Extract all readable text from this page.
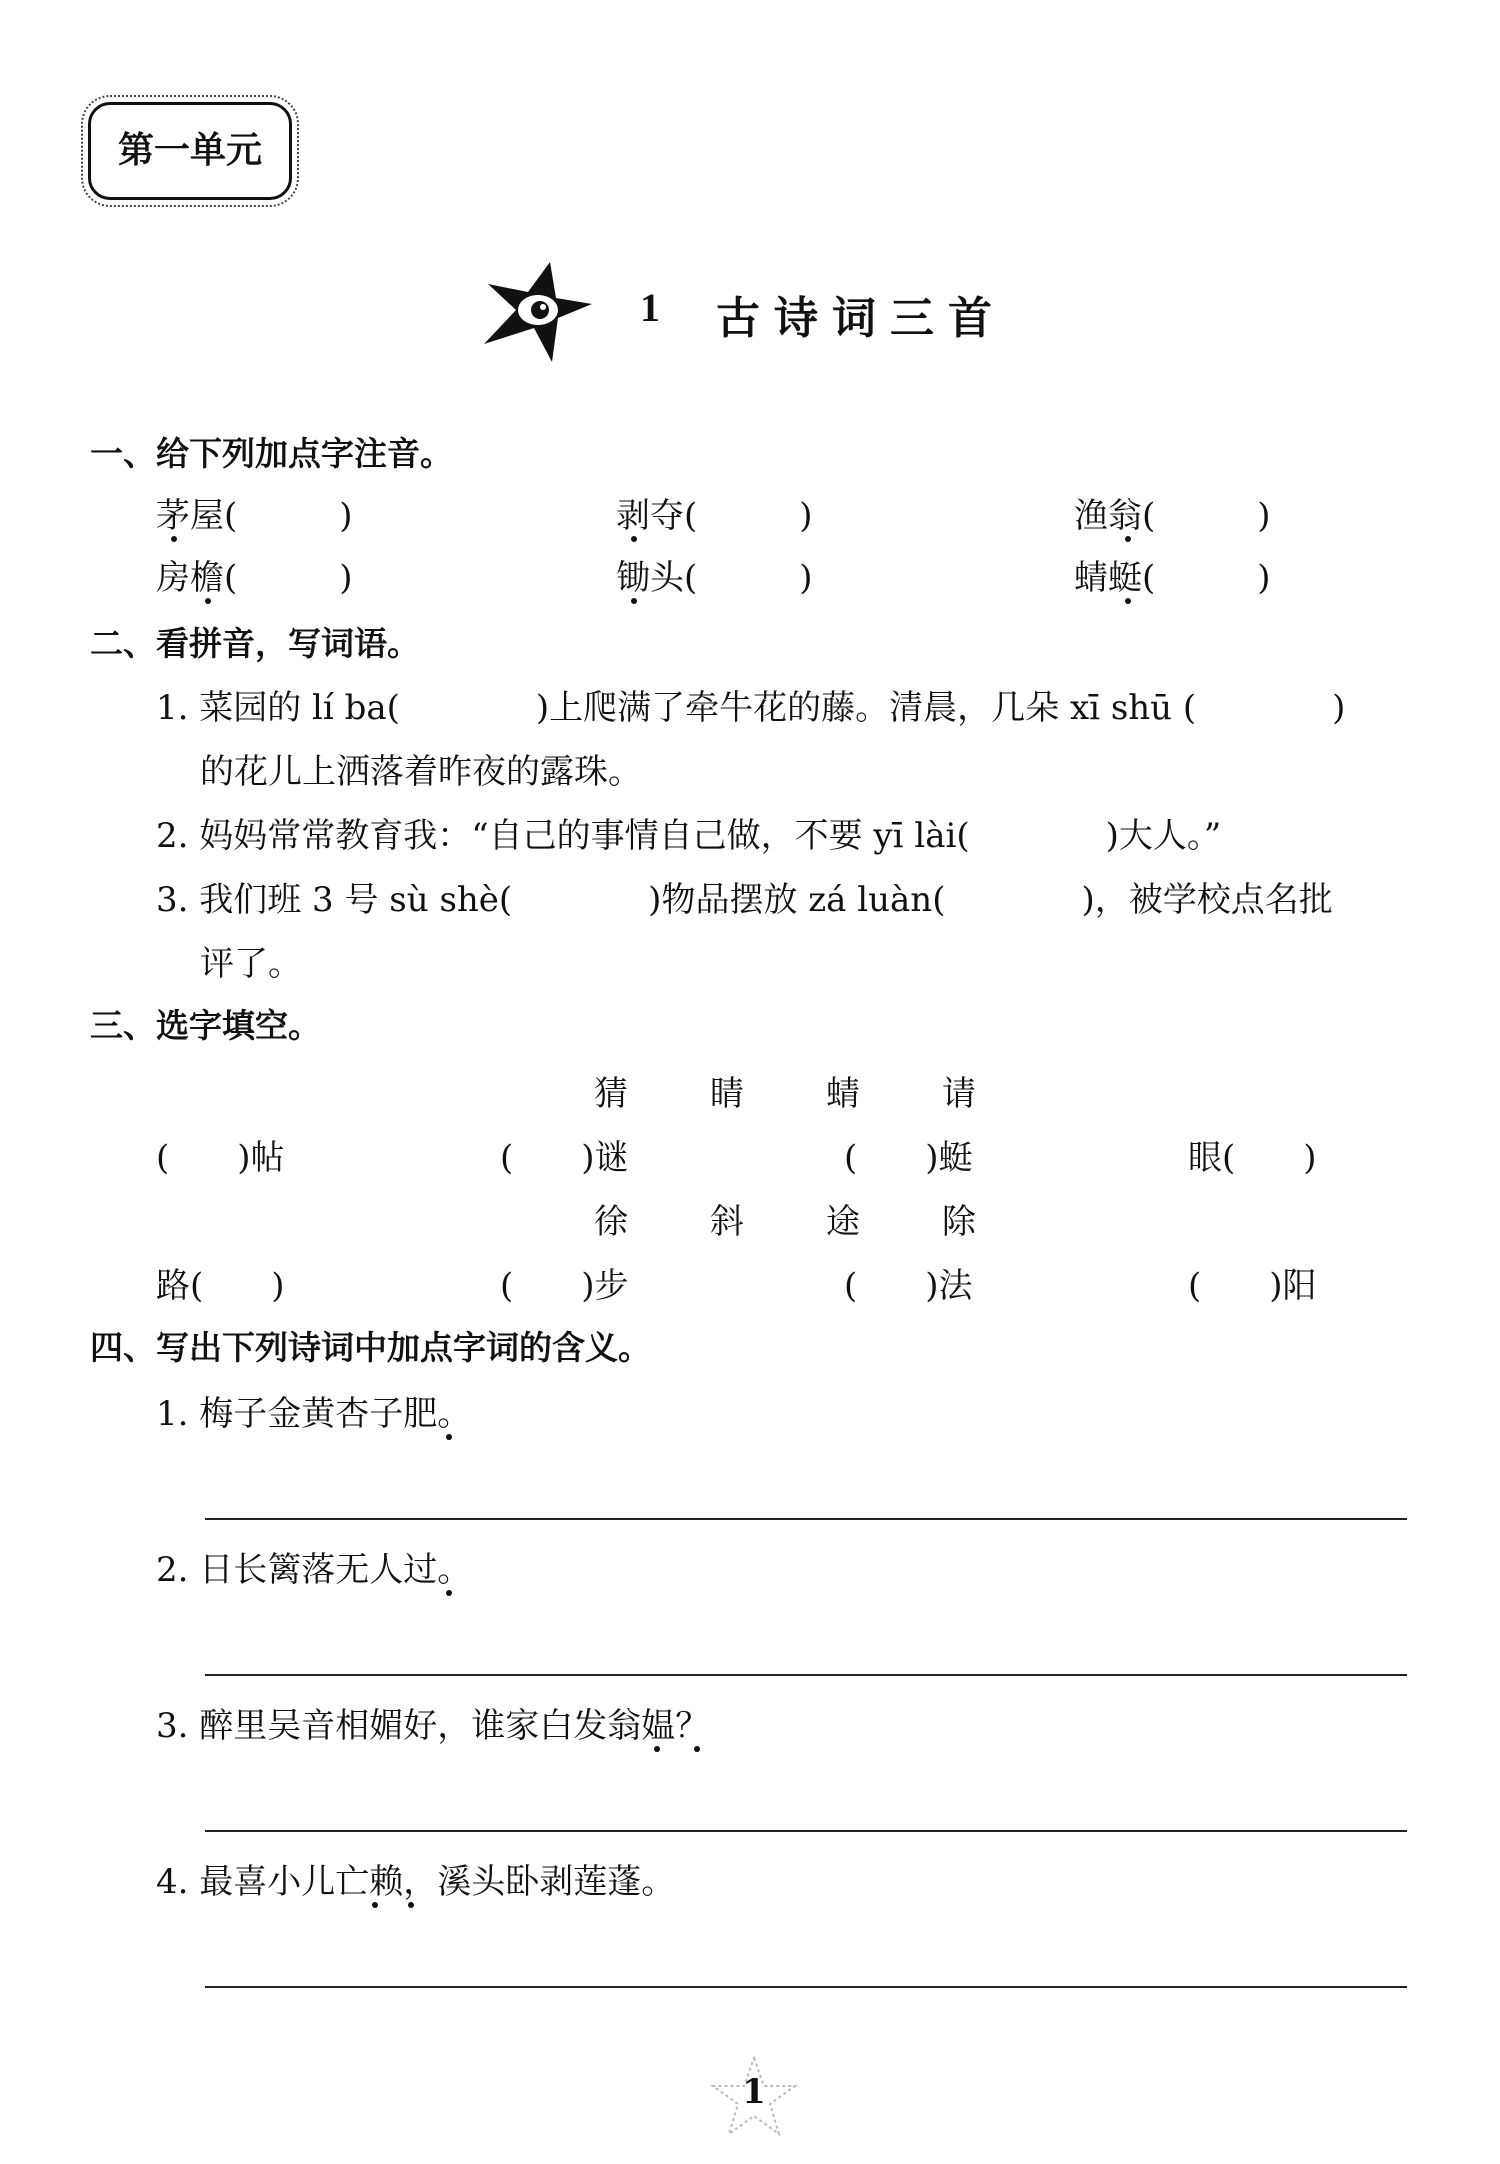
第一单元
1 古诗词三首
一、给下列加点字注音。
茅屋(　　　)	剥夺(　　　)	渔翁(　　　)
房檐(　　　)	锄头(　　　)	蜻蜓(　　　)
二、看拼音，写词语。
1. 菜园的 lí ba(　　　　)上爬满了牵牛花的藤。清晨，几朵 xī shū (　　　　)
的花儿上洒落着昨夜的露珠。
2. 妈妈常常教育我：“自己的事情自己做，不要 yī lài(　　　　)大人。”
3. 我们班 3 号 sù shè(　　　　)物品摆放 zá luàn(　　　　)，被学校点名批
评了。
三、选字填空。
猜 睛 蜻 请
(　　)帖	(　　)谜	(　　)蜓	眼(　　)
徐 斜 途 除
路(　　)	(　　)步	(　　)法	(　　)阳
四、写出下列诗词中加点字词的含义。
1. 梅子金黄杏子肥。
2. 日长篱落无人过。
3. 醉里吴音相媚好，谁家白发翁媪？
4. 最喜小儿亡赖，溪头卧剥莲蓬。
1
